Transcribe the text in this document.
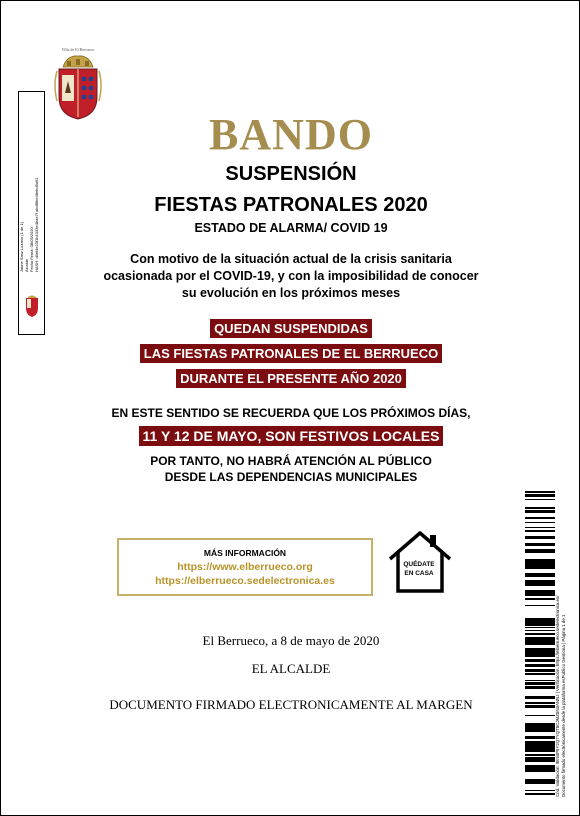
Villa de El Berrueco
Jaime Sanz Lozano (1 de 1) Alcalde Fecha Firma: 08/05/2020 HASH: d4ef4e23f1b1033e4bae7f abdf8be48ebd9a61
BANDO
SUSPENSIÓN
FIESTAS PATRONALES 2020
ESTADO DE ALARMA/ COVID 19
Con motivo de la situación actual de la crisis sanitaria
ocasionada por el COVID-19, y con la imposibilidad de conocer
su evolución en los próximos meses
QUEDAN SUSPENDIDAS
LAS FIESTAS PATRONALES DE EL BERRUECO
DURANTE EL PRESENTE AÑO 2020
EN ESTE SENTIDO SE RECUERDA QUE LOS PRÓXIMOS DÍAS,
11 Y 12 DE MAYO, SON FESTIVOS LOCALES
POR TANTO, NO HABRÁ ATENCIÓN AL PÚBLICO
DESDE LAS DEPENDENCIAS MUNICIPALES
MÁS INFORMACIÓN
https://www.elberrueco.org
https://elberrueco.sedelectronica.es
QUÉDATE
EN CASA
El Berrueco, a 8 de mayo de 2020
EL ALCALDE
DOCUMENTO FIRMADO ELECTRONICAMENTE AL MARGEN	Cód. Validación: 9E94P5Y2Q7YQT5CJMZ5N3ANNJ | Verificación: https://elberrueco.sedelectronica.es/ Documento firmado electrónicamente desde la plataforma esPublico Gestiona | Página 1 de 1
